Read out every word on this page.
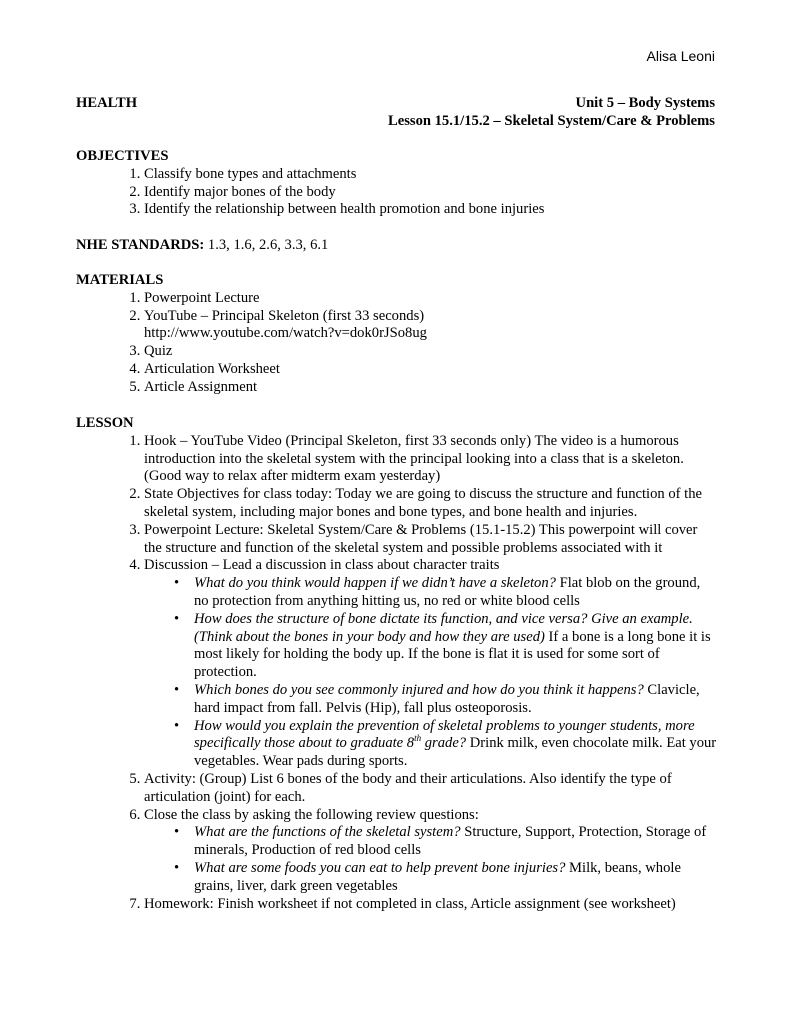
Alisa Leoni
HEALTH	Unit 5 – Body Systems
Lesson 15.1/15.2 – Skeletal System/Care & Problems
OBJECTIVES
1. Classify bone types and attachments
2. Identify major bones of the body
3. Identify the relationship between health promotion and bone injuries
NHE STANDARDS: 1.3, 1.6, 2.6, 3.3, 6.1
MATERIALS
1. Powerpoint Lecture
2. YouTube – Principal Skeleton (first 33 seconds)
http://www.youtube.com/watch?v=dok0rJSo8ug
3. Quiz
4. Articulation Worksheet
5. Article Assignment
LESSON
1. Hook – YouTube Video (Principal Skeleton, first 33 seconds only) The video is a humorous introduction into the skeletal system with the principal looking into a class that is a skeleton. (Good way to relax after midterm exam yesterday)
2. State Objectives for class today: Today we are going to discuss the structure and function of the skeletal system, including major bones and bone types, and bone health and injuries.
3. Powerpoint Lecture: Skeletal System/Care & Problems (15.1-15.2) This powerpoint will cover the structure and function of the skeletal system and possible problems associated with it
4. Discussion – Lead a discussion in class about character traits
• What do you think would happen if we didn’t have a skeleton? Flat blob on the ground, no protection from anything hitting us, no red or white blood cells
• How does the structure of bone dictate its function, and vice versa? Give an example. (Think about the bones in your body and how they are used) If a bone is a long bone it is most likely for holding the body up. If the bone is flat it is used for some sort of protection.
• Which bones do you see commonly injured and how do you think it happens? Clavicle, hard impact from fall. Pelvis (Hip), fall plus osteoporosis.
• How would you explain the prevention of skeletal problems to younger students, more specifically those about to graduate 8th grade? Drink milk, even chocolate milk. Eat your vegetables. Wear pads during sports.
5. Activity: (Group) List 6 bones of the body and their articulations. Also identify the type of articulation (joint) for each.
6. Close the class by asking the following review questions:
• What are the functions of the skeletal system? Structure, Support, Protection, Storage of minerals, Production of red blood cells
• What are some foods you can eat to help prevent bone injuries? Milk, beans, whole grains, liver, dark green vegetables
7. Homework: Finish worksheet if not completed in class, Article assignment (see worksheet)
